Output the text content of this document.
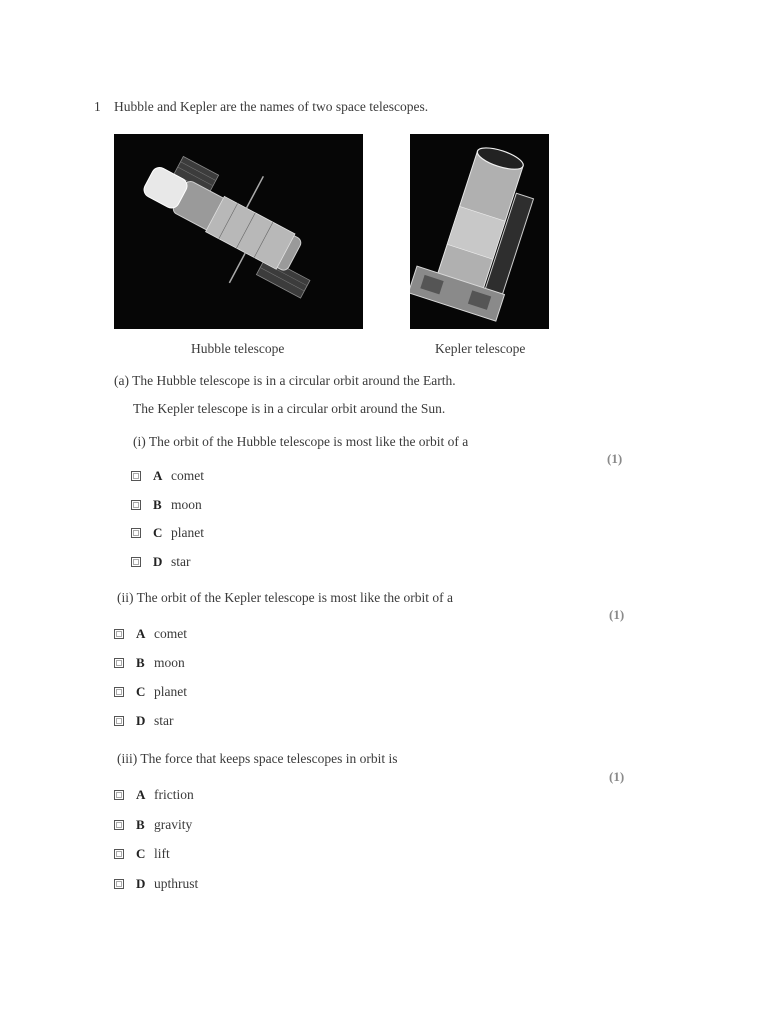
1 Hubble and Kepler are the names of two space telescopes.
Hubble telescope	Kepler telescope
(a) The Hubble telescope is in a circular orbit around the Earth.
The Kepler telescope is in a circular orbit around the Sun.
(i) The orbit of the Hubble telescope is most like the orbit of a
(1)
A comet
B moon
C planet
D star
(ii) The orbit of the Kepler telescope is most like the orbit of a
(1)
A comet
B moon
C planet
D star
(iii) The force that keeps space telescopes in orbit is
(1)
A friction
B gravity
C lift
D upthrust
